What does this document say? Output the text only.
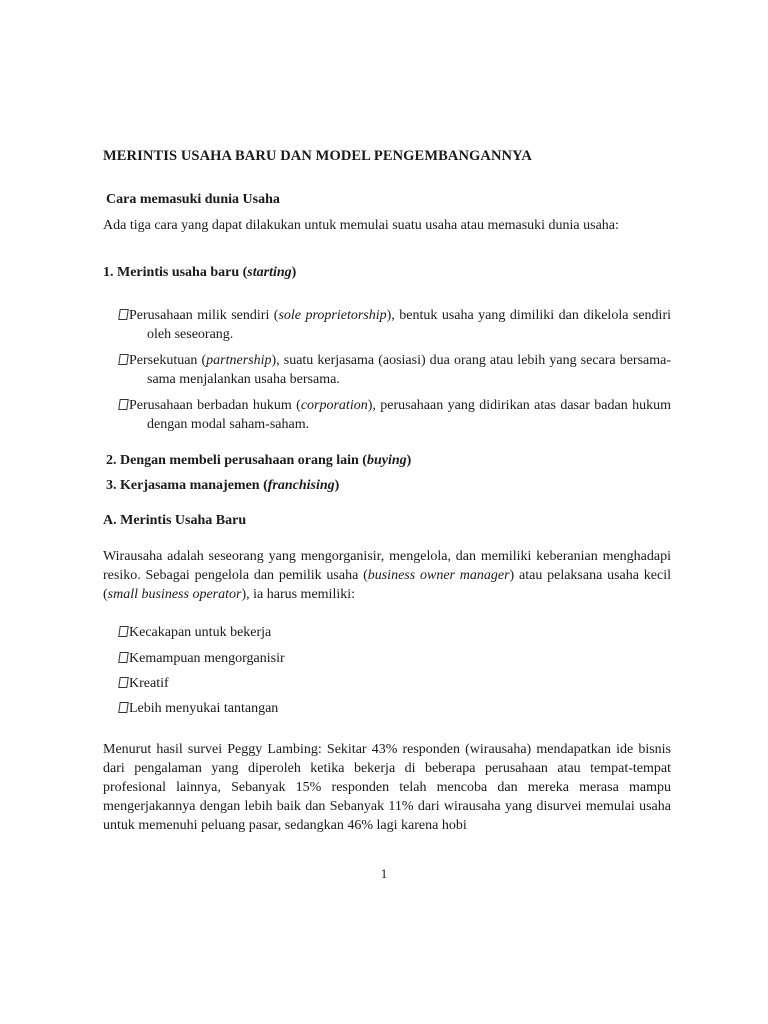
MERINTIS USAHA BARU DAN MODEL PENGEMBANGANNYA
Cara memasuki dunia Usaha
Ada tiga cara yang dapat dilakukan untuk memulai suatu usaha atau memasuki dunia usaha:
1. Merintis usaha baru (starting)
Perusahaan milik sendiri (sole proprietorship), bentuk usaha yang dimiliki dan dikelola sendiri oleh seseorang.
Persekutuan (partnership), suatu kerjasama (aosiasi) dua orang atau lebih yang secara bersama-sama menjalankan usaha bersama.
Perusahaan berbadan hukum (corporation), perusahaan yang didirikan atas dasar badan hukum dengan modal saham-saham.
2. Dengan membeli perusahaan orang lain (buying)
3. Kerjasama manajemen (franchising)
A. Merintis Usaha Baru
Wirausaha adalah seseorang yang mengorganisir, mengelola, dan memiliki keberanian menghadapi resiko. Sebagai pengelola dan pemilik usaha (business owner manager) atau pelaksana usaha kecil (small business operator), ia harus memiliki:
Kecakapan untuk bekerja
Kemampuan mengorganisir
Kreatif
Lebih menyukai tantangan
Menurut hasil survei Peggy Lambing: Sekitar 43% responden (wirausaha) mendapatkan ide bisnis dari pengalaman yang diperoleh ketika bekerja di beberapa perusahaan atau tempat-tempat profesional lainnya, Sebanyak 15% responden telah mencoba dan mereka merasa mampu mengerjakannya dengan lebih baik dan Sebanyak 11% dari wirausaha yang disurvei memulai usaha untuk memenuhi peluang pasar, sedangkan 46% lagi karena hobi
1
